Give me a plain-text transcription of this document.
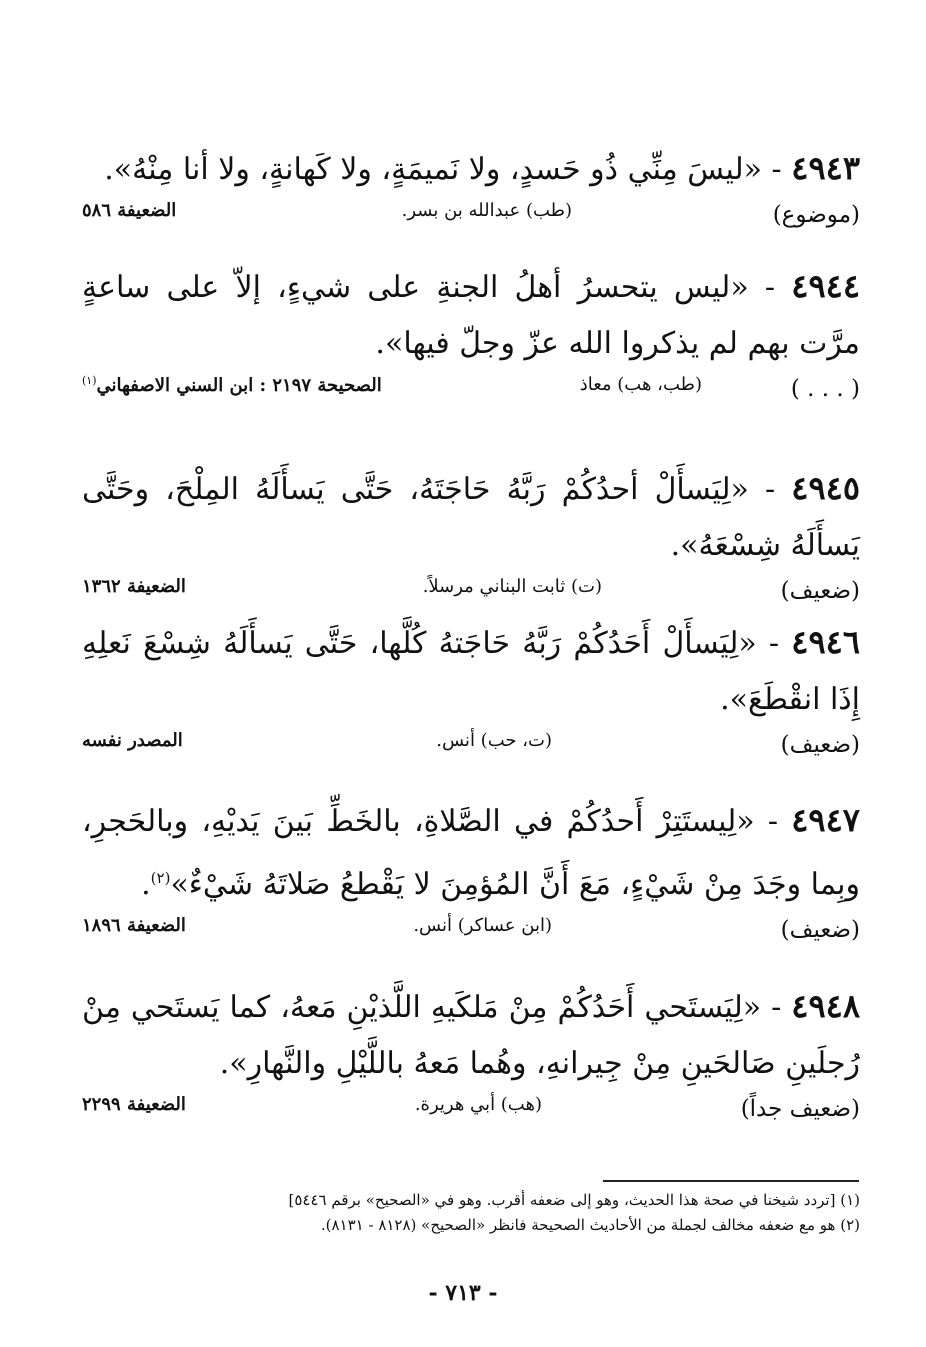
٤٩٤٣ - «ليسَ مِنِّي ذُو حَسدٍ، ولا نَميمَةٍ، ولا كَهانةٍ، ولا أنا مِنْهُ».

(موضوع)
(طب) عبدالله بن بسر.
الضعيفة ٥٨٦

٤٩٤٤ - «ليس يتحسرُ أهلُ الجنةِ على شيءٍ، إلاّ على ساعةٍ مرَّت بهم لم يذكروا الله عزّ وجلّ فيها».

( . . . )
(طب، هب) معاذ
الصحيحة ٢١٩٧ : ابن السني الاصفهاني$^{(١)}$

٤٩٤٥ - «لِيَسأَلْ أحدُكُمْ رَبَّهُ حَاجَتَهُ، حَتَّى يَسأَلَهُ المِلْحَ، وحَتَّى يَسأَلَهُ شِسْعَهُ».

(ضعيف)
(ت) ثابت البناني مرسلاً.
الضعيفة ١٣٦٢

٤٩٤٦ - «لِيَسأَلْ أَحَدُكُمْ رَبَّهُ حَاجَتهُ كُلَّها، حَتَّى يَسأَلَهُ شِسْعَ نَعلِهِ إِذَا انقْطَعَ».

(ضعيف)
(ت، حب) أنس.
المصدر نفسه

٤٩٤٧ - «لِيستَتِرْ أَحدُكُمْ في الصَّلاةِ، بالخَطِّ بَينَ يَديْهِ، وبالحَجرِ، وبِما وجَدَ مِنْ شَيْءٍ، مَعَ أَنَّ المُؤمِنَ لا يَقْطعُ صَلاتَهُ شَيْءٌ»$^{(٢)}$.

(ضعيف)
(ابن عساكر) أنس.
الضعيفة ١٨٩٦

٤٩٤٨ - «لِيَستَحي أَحَدُكُمْ مِنْ مَلكَيهِ اللَّذيْنِ مَعهُ، كما يَستَحي مِنْ رُجلَينِ صَالحَينِ مِنْ جِيرانهِ، وهُما مَعهُ باللَّيْلِ والنَّهارِ».

(ضعيف جداً)
(هب) أبي هريرة.
الضعيفة ٢٢٩٩
(١) [تردد شيخنا في صحة هذا الحديث، وهو إلى ضعفه أقرب. وهو في «الصحيح» برقم ٥٤٤٦]
(٢) هو مع ضعفه مخالف لجملة من الأحاديث الصحيحة فانظر «الصحيح» (٨١٢٨ - ٨١٣١).
- ٧١٣ -
